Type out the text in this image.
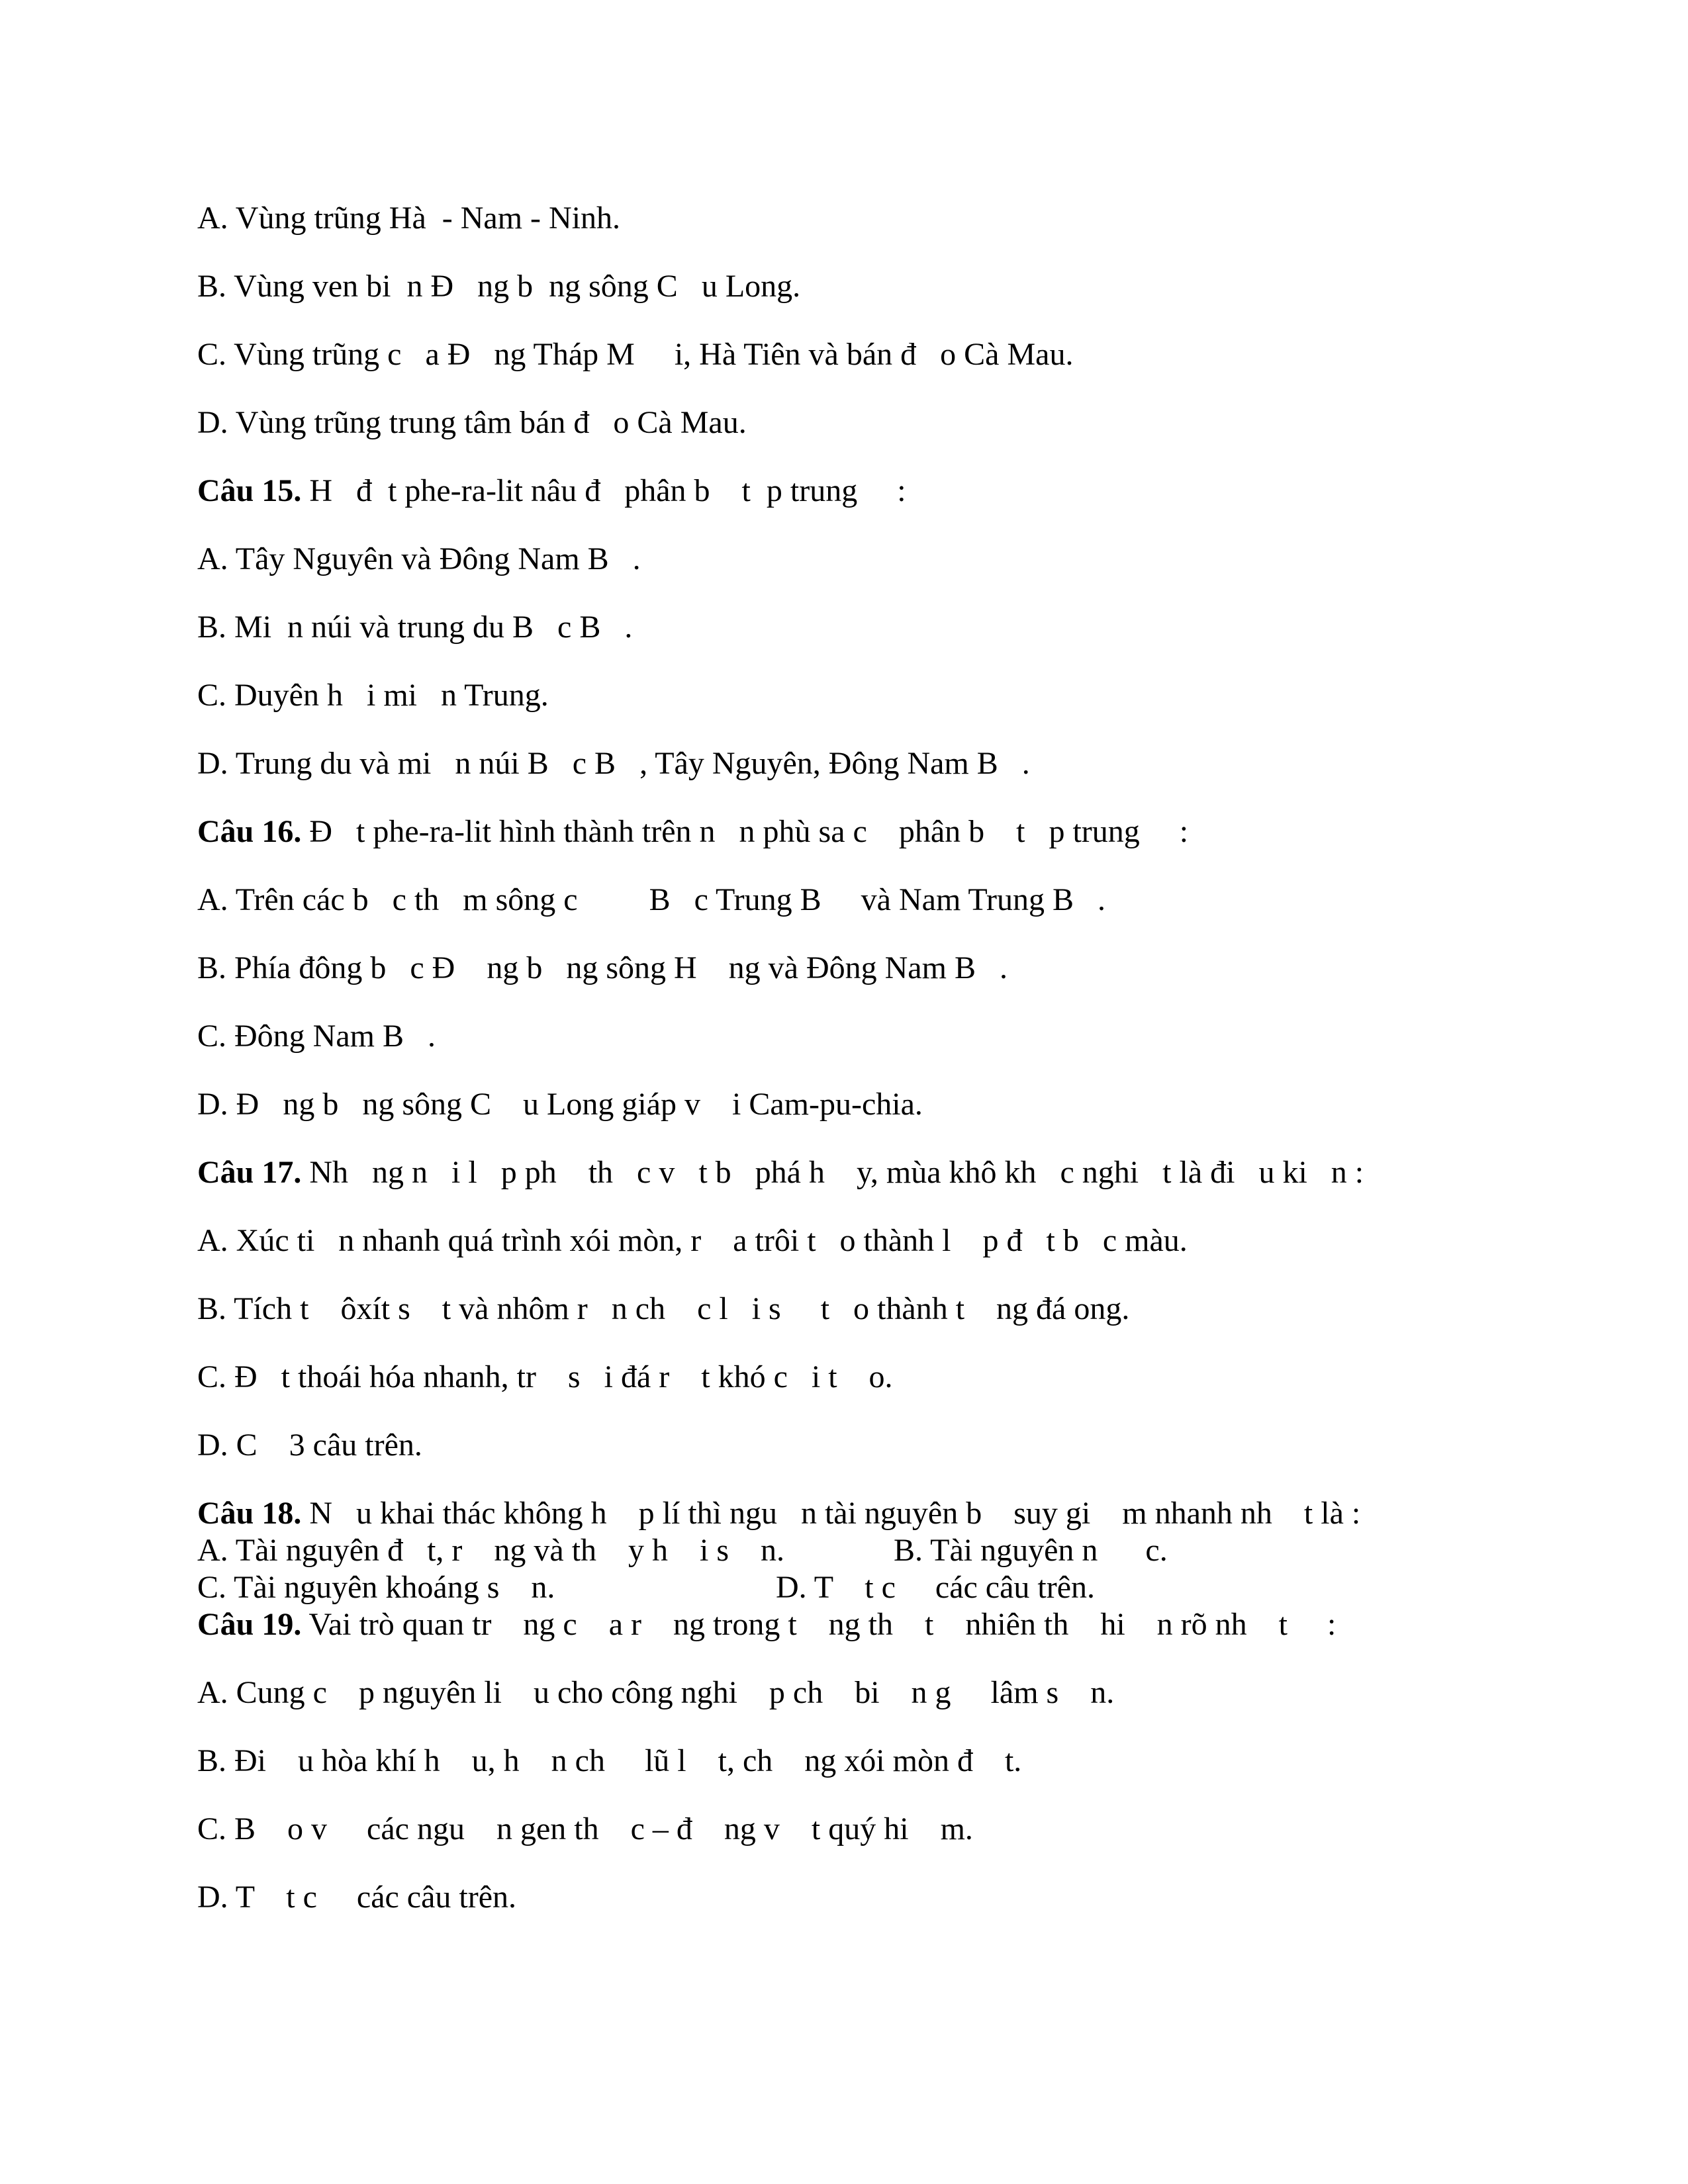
A. Vùng trũng Hà  - Nam - Ninh.
B. Vùng ven bi  n Đ   ng b  ng sông C   u Long.
C. Vùng trũng c   a Đ   ng Tháp M     i, Hà Tiên và bán đ   o Cà Mau.
D. Vùng trũng trung tâm bán đ   o Cà Mau.
Câu 15. H   đ  t phe-ra-lit nâu đ   phân b    t  p trung     :
A. Tây Nguyên và Đông Nam B   .
B. Mi  n núi và trung du B   c B   .
C. Duyên h   i mi   n Trung.
D. Trung du và mi   n núi B   c B   , Tây Nguyên, Đông Nam B   .
Câu 16. Đ   t phe-ra-lit hình thành trên n   n phù sa c    phân b    t   p trung     :
A. Trên các b   c th   m sông c         B   c Trung B     và Nam Trung B   .
B. Phía đông b   c Đ    ng b   ng sông H    ng và Đông Nam B   .
C. Đông Nam B   .
D. Đ   ng b   ng sông C    u Long giáp v    i Cam-pu-chia.
Câu 17. Nh   ng n   i l   p ph    th   c v   t b   phá h    y, mùa khô kh   c nghi   t là đi   u ki   n :
A. Xúc ti   n nhanh quá trình xói mòn, r    a trôi t   o thành l    p đ   t b   c màu.
B. Tích t    ôxít s    t và nhôm r   n ch    c l   i s     t   o thành t    ng đá ong.
C. Đ   t thoái hóa nhanh, tr    s   i đá r    t khó c   i t    o.
D. C    3 câu trên.
Câu 18. N   u khai thác không h    p lí thì ngu   n tài nguyên b    suy gi    m nhanh nh    t là :
A. Tài nguyên đ   t, r    ng và th    y h    i s    n.	B. Tài nguyên n      c.
C. Tài nguyên khoáng s    n.	D. T    t c     các câu trên.
Câu 19. Vai trò quan tr    ng c    a r    ng trong t    ng th    t    nhiên th    hi    n rõ nh    t     :
A. Cung c    p nguyên li    u cho công nghi    p ch    bi    n g     lâm s    n.
B. Đi    u hòa khí h    u, h    n ch     lũ l    t, ch    ng xói mòn đ    t.
C. B    o v     các ngu    n gen th    c – đ    ng v    t quý hi    m.
D. T    t c     các câu trên.
